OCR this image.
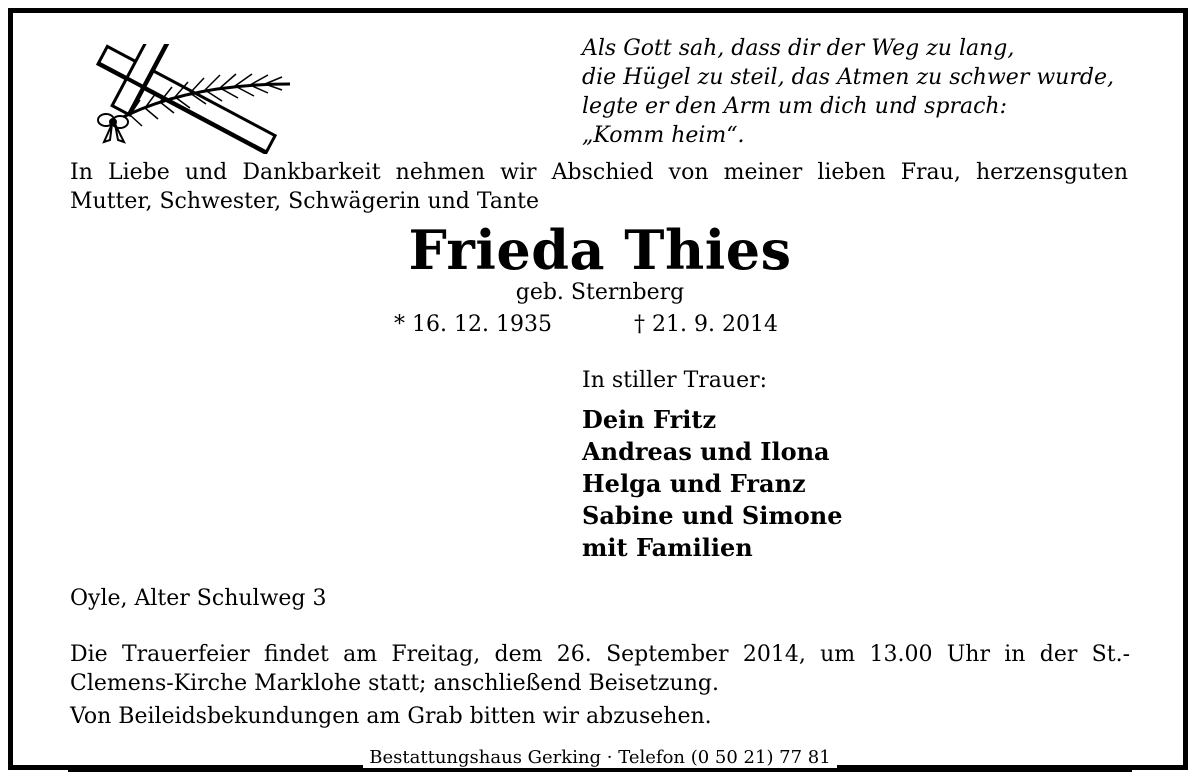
Als Gott sah, dass dir der Weg zu lang,
die Hügel zu steil, das Atmen zu schwer wurde,
legte er den Arm um dich und sprach:
„Komm heim“.
In Liebe und Dankbarkeit nehmen wir Abschied von meiner lieben Frau, herzensguten Mutter, Schwester, Schwägerin und Tante
Frieda Thies
geb. Sternberg
* 16. 12. 1935	† 21. 9. 2014
In stiller Trauer:
Dein Fritz
Andreas und Ilona
Helga und Franz
Sabine und Simone
mit Familien
Oyle, Alter Schulweg 3
Die Trauerfeier findet am Freitag, dem 26. September 2014, um 13.00 Uhr in der St.-Clemens-Kirche Marklohe statt; anschließend Beisetzung.
Von Beileidsbekundungen am Grab bitten wir abzusehen.
Bestattungshaus Gerking · Telefon (0 50 21) 77 81
